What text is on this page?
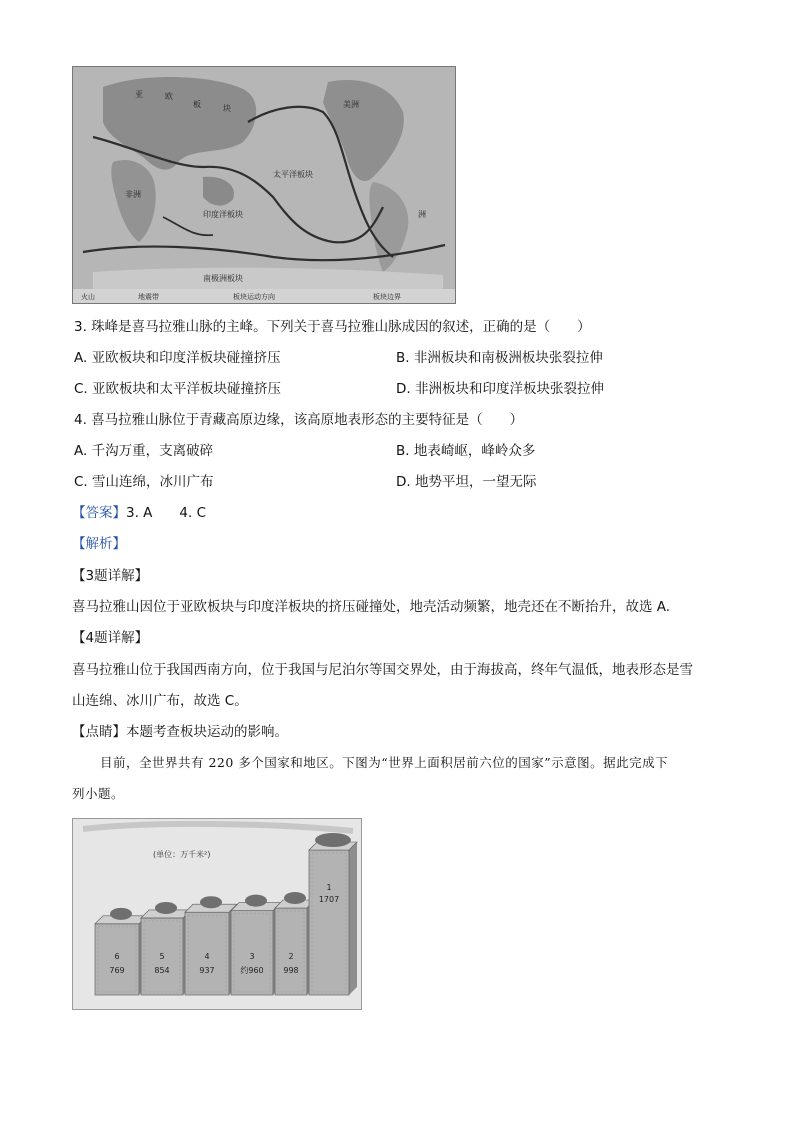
火山	地震带	板块运动方向	板块边界
亚	欧
板	块	美洲
太平洋板块
印度洋板块
南极洲板块
非洲
洲
3. 珠峰是喜马拉雅山脉的主峰。下列关于喜马拉雅山脉成因的叙述，正确的是（　　）
A. 亚欧板块和印度洋板块碰撞挤压	B. 非洲板块和南极洲板块张裂拉伸
C. 亚欧板块和太平洋板块碰撞挤压	D. 非洲板块和印度洋板块张裂拉伸
4. 喜马拉雅山脉位于青藏高原边缘，该高原地表形态的主要特征是（　　）
A. 千沟万重，支离破碎	B. 地表崎岖，峰岭众多
C. 雪山连绵，冰川广布	D. 地势平坦，一望无际
【答案】3. A　　4. C
【解析】
【3题详解】
喜马拉雅山因位于亚欧板块与印度洋板块的挤压碰撞处，地壳活动频繁，地壳还在不断抬升，故选 A.
【4题详解】
喜马拉雅山位于我国西南方向，位于我国与尼泊尔等国交界处，由于海拔高，终年气温低，地表形态是雪
山连绵、冰川广布，故选 C。
【点睛】本题考查板块运动的影响。
目前，全世界共有 220 多个国家和地区。下图为“世界上面积居前六位的国家”示意图。据此完成下
列小题。
(单位：万千米²)
6
769
5
854
4
937
3
约960
2
998
1
1707
